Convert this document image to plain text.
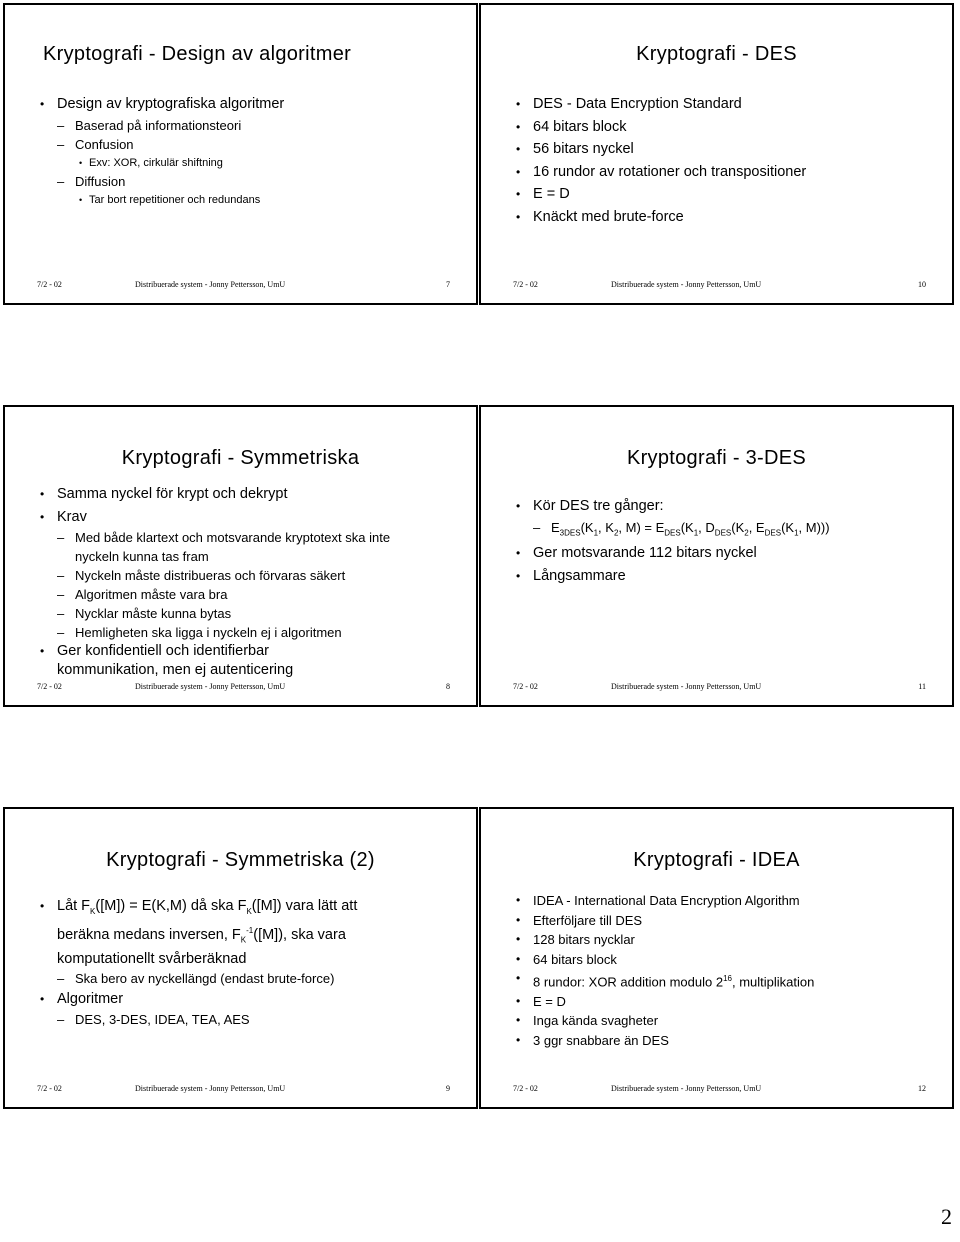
Kryptografi - Design av algoritmer
• Design av kryptografiska algoritmer
– Baserad på informationsteori
– Confusion
• Exv: XOR, cirkulär shiftning
– Diffusion
• Tar bort repetitioner och redundans
7/2 - 02	Distribuerade system - Jonny Pettersson, UmU	7
Kryptografi - DES
• DES - Data Encryption Standard
• 64 bitars block
• 56 bitars nyckel
• 16 rundor av rotationer och transpositioner
• E = D
• Knäckt med brute-force
7/2 - 02	Distribuerade system - Jonny Pettersson, UmU	10
Kryptografi - Symmetriska
• Samma nyckel för krypt och dekrypt
• Krav
– Med både klartext och motsvarande kryptotext ska inte nyckeln kunna tas fram
– Nyckeln måste distribueras och förvaras säkert
– Algoritmen måste vara bra
– Nycklar måste kunna bytas
– Hemligheten ska ligga i nyckeln ej i algoritmen
• Ger konfidentiell och identifierbar kommunikation, men ej autenticering
7/2 - 02	Distribuerade system - Jonny Pettersson, UmU	8
Kryptografi - 3-DES
• Kör DES tre gånger:
– $E_{3DES}(K_1$, $K_2$, $M) = E_{DES}(K_1$, $D_{DES}(K_2$, $E_{DES}(K_1$, M)))
• Ger motsvarande 112 bitars nyckel
• Långsammare
7/2 - 02	Distribuerade system - Jonny Pettersson, UmU	11
Kryptografi - Symmetriska (2)
• Låt $F_K([M]) = E(K,M)$ då ska $F_K([M])$ vara lätt att beräkna medans inversen, $F_K^{-1}([M])$, ska vara komputationellt svårberäknad
– Ska bero av nyckellängd (endast brute-force)
• Algoritmer
– DES, 3-DES, IDEA, TEA, AES
7/2 - 02	Distribuerade system - Jonny Pettersson, UmU	9
Kryptografi - IDEA
• IDEA - International Data Encryption Algorithm
• Efterföljare till DES
• 128 bitars nycklar
• 64 bitars block
• 8 rundor: XOR addition modulo $2^{16}$, multiplikation
• E = D
• Inga kända svagheter
• 3 ggr snabbare än DES
7/2 - 02	Distribuerade system - Jonny Pettersson, UmU	12
2
